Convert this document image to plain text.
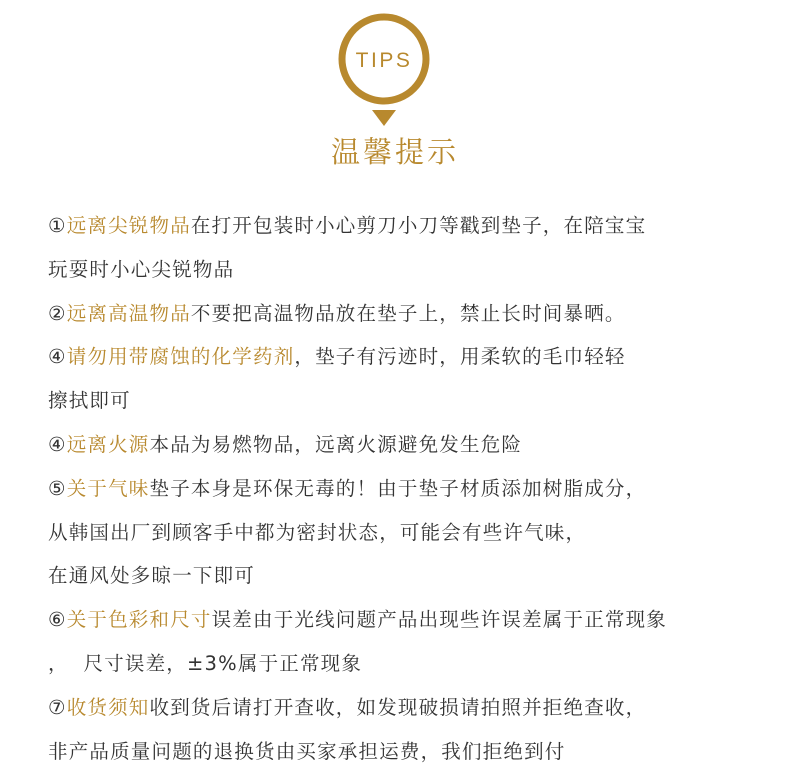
TIPS
温馨提示
①远离尖锐物品在打开包装时小心剪刀小刀等戳到垫子，在陪宝宝
玩耍时小心尖锐物品
②远离高温物品不要把高温物品放在垫子上，禁止长时间暴晒。
④请勿用带腐蚀的化学药剂，垫子有污迹时，用柔软的毛巾轻轻
擦拭即可
④远离火源本品为易燃物品，远离火源避免发生危险
⑤关于气味垫子本身是环保无毒的！由于垫子材质添加树脂成分，
从韩国出厂到顾客手中都为密封状态，可能会有些许气味，
在通风处多晾一下即可
⑥关于色彩和尺寸误差由于光线问题产品出现些许误差属于正常现象
，  尺寸误差，±3%属于正常现象
⑦收货须知收到货后请打开查收，如发现破损请拍照并拒绝查收，
非产品质量问题的退换货由买家承担运费，我们拒绝到付
